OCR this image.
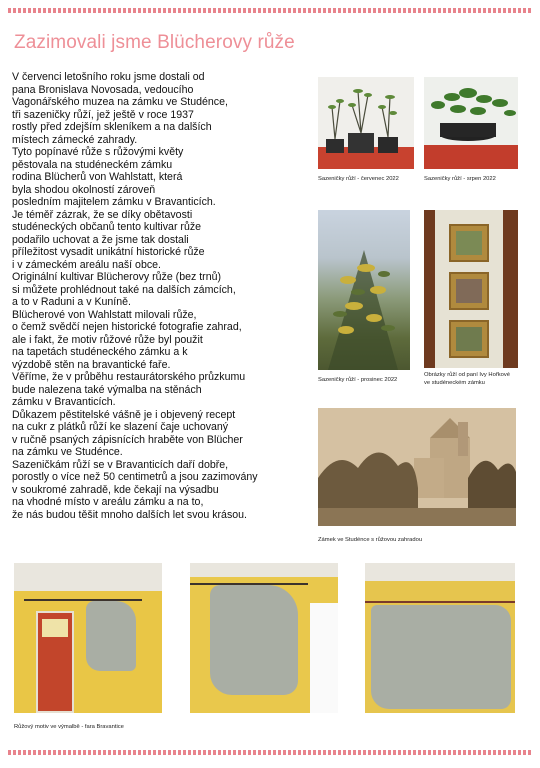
Zazimovali jsme Blücherovy růže
V červenci letošního roku jsme dostali od
pana Bronislava Novosada, vedoucího
Vagonářského muzea na zámku ve Studénce,
tři sazeničky růží, jež ještě v roce 1937
rostly před zdejším skleníkem a na dalších
místech zámecké zahrady.
Tyto popínavé růže s růžovými květy
pěstovala na studéneckém zámku
rodina Blücherů von Wahlstatt, která
byla shodou okolností zároveň
posledním majitelem zámku v Bravanticích.
Je téměř zázrak, že se díky obětavosti
studéneckých občanů tento kultivar růže
podařilo uchovat a že jsme tak dostali
příležitost vysadit unikátní historické růže
i v zámeckém areálu naší obce.
Originální kultivar Blücherovy růže (bez trnů)
si můžete prohlédnout také na dalších zámcích,
a to v Raduni a v Kuníně.
Blücherové von Wahlstatt milovali růže,
o čemž svědčí nejen historické fotografie zahrad,
ale i fakt, že motiv růžové růže byl použit
na tapetách studéneckého zámku a k
výzdobě stěn na bravantické faře.
Věříme, že v průběhu restaurátorského průzkumu
bude nalezena také výmalba na stěnách
zámku v Bravanticích.
Důkazem pěstitelské vášně je i objevený recept
na cukr z plátků růží ke slazení čaje uchovaný
v ručně psaných zápisnících hraběte von Blücher
na zámku ve Studénce.
Sazeničkám růží se v Bravanticích daří dobře,
porostly o více než 50 centimetrů a jsou zazimovány
v soukromé zahradě, kde čekají na výsadbu
na vhodné místo v areálu zámku a na to,
že nás budou těšit mnoho dalších let svou krásou.
Sazeničky růží - červenec 2022	Sazeničky růží - srpen 2022
Sazeničky růží - prosinec 2022
Obrázky růží od paní Ivy Hořkové
ve studéneckém zámku
Zámek ve Studénce s růžovou zahradou
Růžový motiv ve výmalbě - fara Bravantice
